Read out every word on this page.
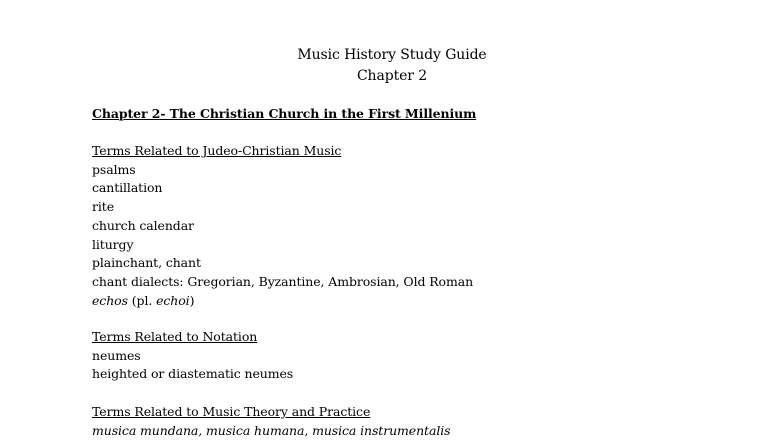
Music History Study Guide
Chapter 2
Chapter 2- The Christian Church in the First Millenium
Terms Related to Judeo-Christian Music
psalms
cantillation
rite
church calendar
liturgy
plainchant, chant
chant dialects: Gregorian, Byzantine, Ambrosian, Old Roman
echos (pl. echoi)
Terms Related to Notation
neumes
heighted or diastematic neumes
Terms Related to Music Theory and Practice
musica mundana, musica humana, musica instrumentalis
